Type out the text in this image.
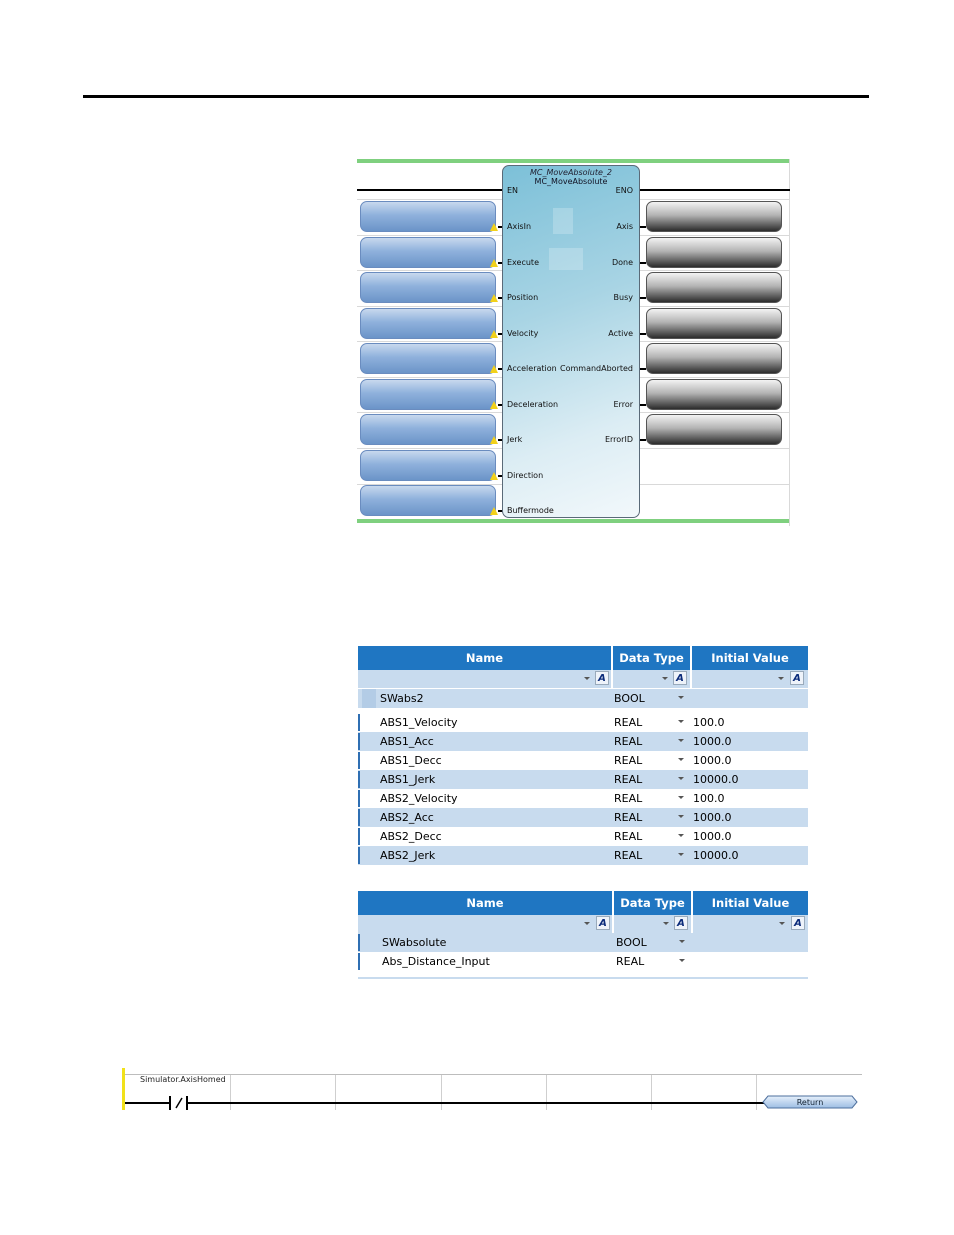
MC_MoveAbsolute_2
MC_MoveAbsolute
EN
AxisIn
Execute
Position
Velocity
Acceleration
Deceleration
Jerk
Direction
Buffermode
ENO
Axis
Done
Busy
Active
CommandAborted
Error
ErrorID
Name	Data Type	Initial Value
A	A	A
SWabs2	BOOL
ABS1_Velocity	REAL	100.0
ABS1_Acc	REAL	1000.0
ABS1_Decc	REAL	1000.0
ABS1_Jerk	REAL	10000.0
ABS2_Velocity	REAL	100.0
ABS2_Acc	REAL	1000.0
ABS2_Decc	REAL	1000.0
ABS2_Jerk	REAL	10000.0
Name	Data Type	Initial Value
A	A	A
SWabsolute	BOOL
Abs_Distance_Input	REAL
Simulator.AxisHomed
Return
